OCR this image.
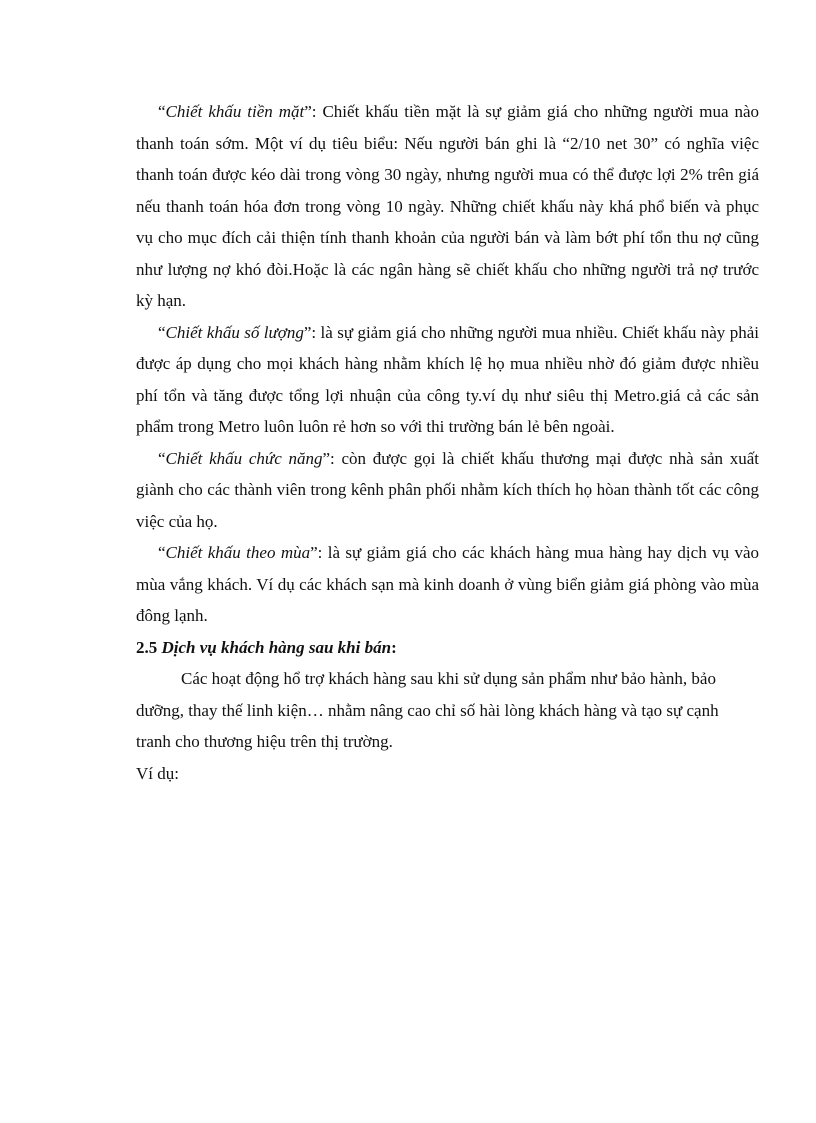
“Chiết khấu tiền mặt”: Chiết khấu tiền mặt là sự giảm giá cho những người mua nào thanh toán sớm. Một ví dụ tiêu biểu: Nếu người bán ghi là “2/10 net 30” có nghĩa việc thanh toán được kéo dài trong vòng 30 ngày, nhưng người mua có thể được lợi 2% trên giá nếu thanh toán hóa đơn trong vòng 10 ngày. Những chiết khấu này khá phổ biến và phục vụ cho mục đích cải thiện tính thanh khoản của người bán và làm bớt phí tổn thu nợ cũng như lượng nợ khó đòi.Hoặc là các ngân hàng sẽ chiết khấu cho những người trả nợ trước kỳ hạn.

“Chiết khấu số lượng”: là sự giảm giá cho những người mua nhiều. Chiết khấu này phải được áp dụng cho mọi khách hàng nhằm khích lệ họ mua nhiều nhờ đó giảm được nhiều phí tổn và tăng được tổng lợi nhuận của công ty.ví dụ như siêu thị Metro.giá cả các sản phẩm trong Metro luôn luôn rẻ hơn so với thi trường bán lẻ bên ngoài.

“Chiết khấu chức năng”: còn được gọi là chiết khấu thương mại được nhà sản xuất giành cho các thành viên trong kênh phân phối nhằm kích thích họ hòan thành tốt các công việc của họ.

“Chiết khấu theo mùa”: là sự giảm giá cho các khách hàng mua hàng hay dịch vụ vào mùa vắng khách. Ví dụ các khách sạn mà kinh doanh ở vùng biển giảm giá phòng vào mùa đông lạnh.

2.5 Dịch vụ khách hàng sau khi bán:

Các hoạt động hổ trợ khách hàng sau khi sử dụng sản phẩm như bảo hành, bảo dưỡng, thay thế linh kiện… nhằm nâng cao chỉ số hài lòng khách hàng và tạo sự cạnh tranh cho thương hiệu trên thị trường.

Ví dụ:
